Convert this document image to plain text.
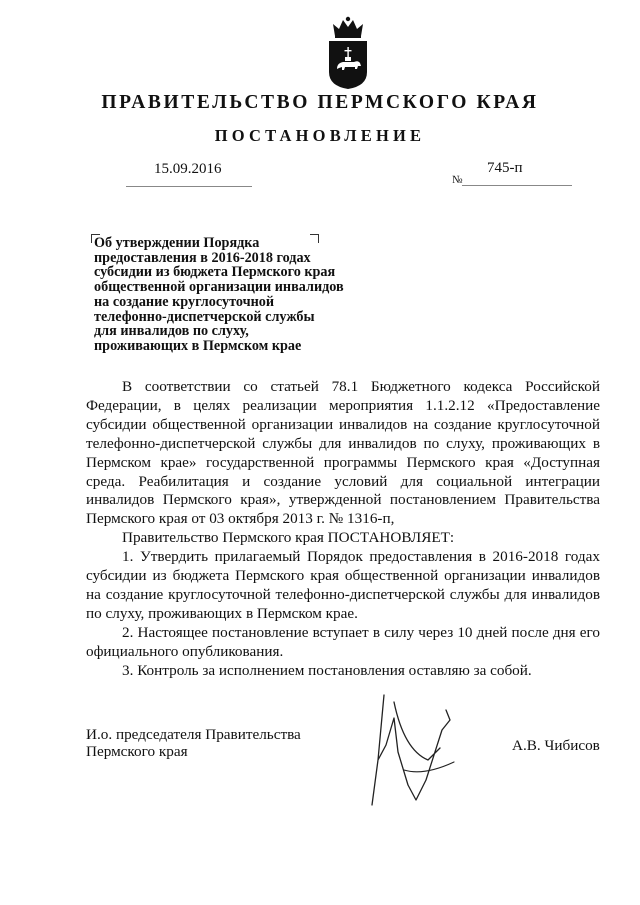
ПРАВИТЕЛЬСТВО ПЕРМСКОГО КРАЯ
ПОСТАНОВЛЕНИЕ
15.09.2016
№
745-п
Об утверждении Порядка
предоставления в 2016-2018 годах
субсидии из бюджета Пермского края
общественной организации инвалидов
на создание круглосуточной
телефонно-диспетчерской службы
для инвалидов по слуху,
проживающих в Пермском крае

В соответствии со статьей 78.1 Бюджетного кодекса Российской Федерации, в целях реализации мероприятия 1.1.2.12 «Предоставление субсидии общественной организации инвалидов на создание круглосуточной телефонно-диспетчерской службы для инвалидов по слуху, проживающих в Пермском крае» государственной программы Пермского края «Доступная среда. Реабилитация и создание условий для социальной интеграции инвалидов Пермского края», утвержденной постановлением Правительства Пермского края от 03 октября 2013 г. № 1316-п,

Правительство Пермского края ПОСТАНОВЛЯЕТ:

1. Утвердить прилагаемый Порядок предоставления в 2016-2018 годах субсидии из бюджета Пермского края общественной организации инвалидов на создание круглосуточной телефонно-диспетчерской службы для инвалидов по слуху, проживающих в Пермском крае.

2. Настоящее постановление вступает в силу через 10 дней после дня его официального опубликования.

3. Контроль за исполнением постановления оставляю за собой.

И.о. председателя Правительства
Пермского края	А.В. Чибисов
